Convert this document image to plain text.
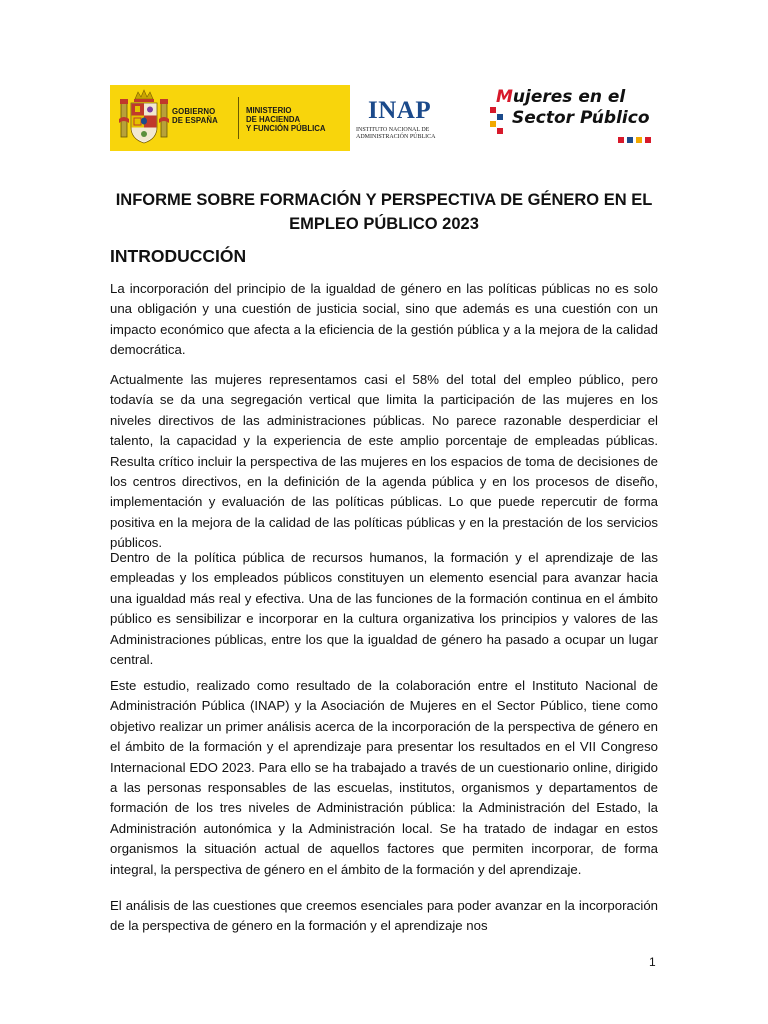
GOBIERNO
DE ESPAÑA
MINISTERIO
DE HACIENDA
Y FUNCIÓN PÚBLICA
INAP
INSTITUTO NACIONAL DE
ADMINISTRACIÓN PÚBLICA
Mujeres en el
Sector Público
INFORME SOBRE FORMACIÓN Y PERSPECTIVA DE GÉNERO EN EL EMPLEO PÚBLICO 2023
INTRODUCCIÓN

La incorporación del principio de la igualdad de género en las políticas públicas no es solo una obligación y una cuestión de justicia social, sino que además es una cuestión con un impacto económico que afecta a la eficiencia de la gestión pública y a la mejora de la calidad democrática.

Actualmente las mujeres representamos casi el 58% del total del empleo público, pero todavía se da una segregación vertical que limita la participación de las mujeres en los niveles directivos de las administraciones públicas. No parece razonable desperdiciar el talento, la capacidad y la experiencia de este amplio porcentaje de empleadas públicas. Resulta crítico incluir la perspectiva de las mujeres en los espacios de toma de decisiones de los centros directivos, en la definición de la agenda pública y en los procesos de diseño, implementación y evaluación de las políticas públicas. Lo que puede repercutir de forma positiva en la mejora de la calidad de las políticas públicas y en la prestación de los servicios públicos.

Dentro de la política pública de recursos humanos, la formación y el aprendizaje de las empleadas y los empleados públicos constituyen un elemento esencial para avanzar hacia una igualdad más real y efectiva. Una de las funciones de la formación continua en el ámbito público es sensibilizar e incorporar en la cultura organizativa los principios y valores de las Administraciones públicas, entre los que la igualdad de género ha pasado a ocupar un lugar central.

Este estudio, realizado como resultado de la colaboración entre el Instituto Nacional de Administración Pública (INAP) y la Asociación de Mujeres en el Sector Público, tiene como objetivo realizar un primer análisis acerca de la incorporación de la perspectiva de género en el ámbito de la formación y el aprendizaje para presentar los resultados en el VII Congreso Internacional EDO 2023. Para ello se ha trabajado a través de un cuestionario online, dirigido a las personas responsables de las escuelas, institutos, organismos y departamentos de formación de los tres niveles de Administración pública: la Administración del Estado, la Administración autonómica y la Administración local. Se ha tratado de indagar en estos organismos la situación actual de aquellos factores que permiten incorporar, de forma integral, la perspectiva de género en el ámbito de la formación y del aprendizaje.

El análisis de las cuestiones que creemos esenciales para poder avanzar en la incorporación de la perspectiva de género en la formación y el aprendizaje nos

1
